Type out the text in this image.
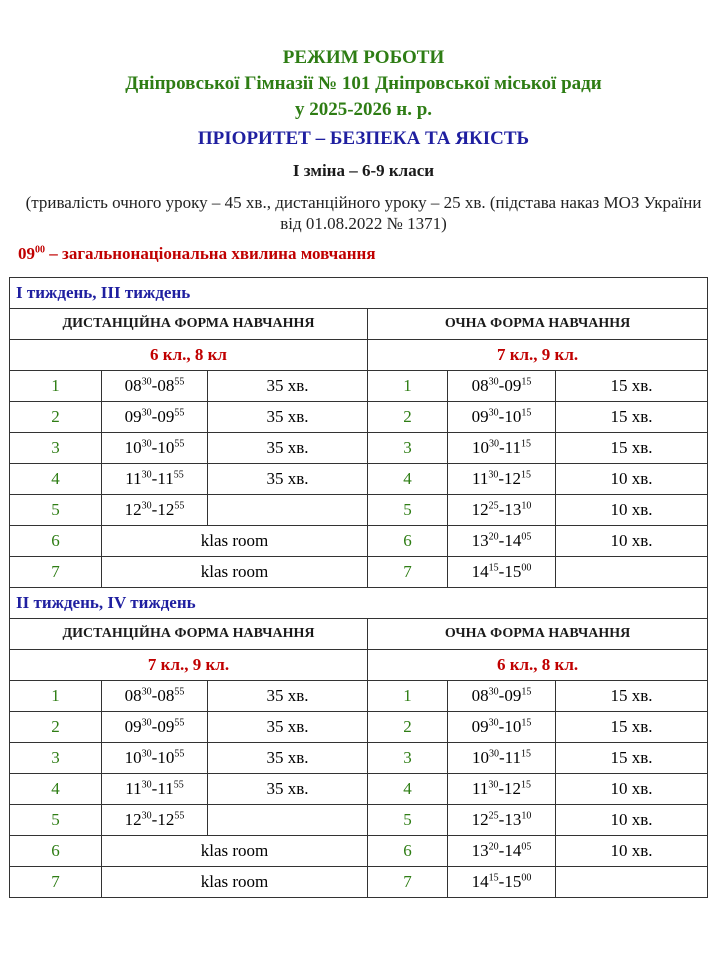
РЕЖИМ РОБОТИ
Дніпровської Гімназії № 101 Дніпровської міської ради
у 2025-2026 н. р.
ПРІОРИТЕТ – БЕЗПЕКА ТА ЯКІСТЬ
І зміна – 6-9 класи
(тривалість очного уроку – 45 хв., дистанційного уроку – 25 хв. (підстава наказ МОЗ України від 01.08.2022 № 1371)
$09^{00}$ – загальнонаціональна хвилина мовчання
І тиждень, ІІІ тиждень					
ДИСТАНЦІЙНА ФОРМА НАВЧАННЯ			ОЧНА ФОРМА НАВЧАННЯ		
6 кл., 8 кл			7 кл., 9 кл.		
1	$08^{30}-08^{55}$	35 хв.	1	$08^{30}-09^{15}$	15 хв.
2	$09^{30}-09^{55}$	35 хв.	2	$09^{30}-10^{15}$	15 хв.
3	$10^{30}-10^{55}$	35 хв.	3	$10^{30}-11^{15}$	15 хв.
4	$11^{30}-11^{55}$	35 хв.	4	$11^{30}-12^{15}$	10 хв.
5	$12^{30}-12^{55}$		5	$12^{25}-13^{10}$	10 хв.
6	klas room		6	$13^{20}-14^{05}$	10 хв.
7	klas room		7	$14^{15}-15^{00}$	
ІІ тиждень, IV тиждень					
ДИСТАНЦІЙНА ФОРМА НАВЧАННЯ			ОЧНА ФОРМА НАВЧАННЯ		
7 кл., 9 кл.			6 кл., 8 кл.		
1	$08^{30}-08^{55}$	35 хв.	1	$08^{30}-09^{15}$	15 хв.
2	$09^{30}-09^{55}$	35 хв.	2	$09^{30}-10^{15}$	15 хв.
3	$10^{30}-10^{55}$	35 хв.	3	$10^{30}-11^{15}$	15 хв.
4	$11^{30}-11^{55}$	35 хв.	4	$11^{30}-12^{15}$	10 хв.
5	$12^{30}-12^{55}$		5	$12^{25}-13^{10}$	10 хв.
6	klas room		6	$13^{20}-14^{05}$	10 хв.
7	klas room		7	$14^{15}-15^{00}$	
